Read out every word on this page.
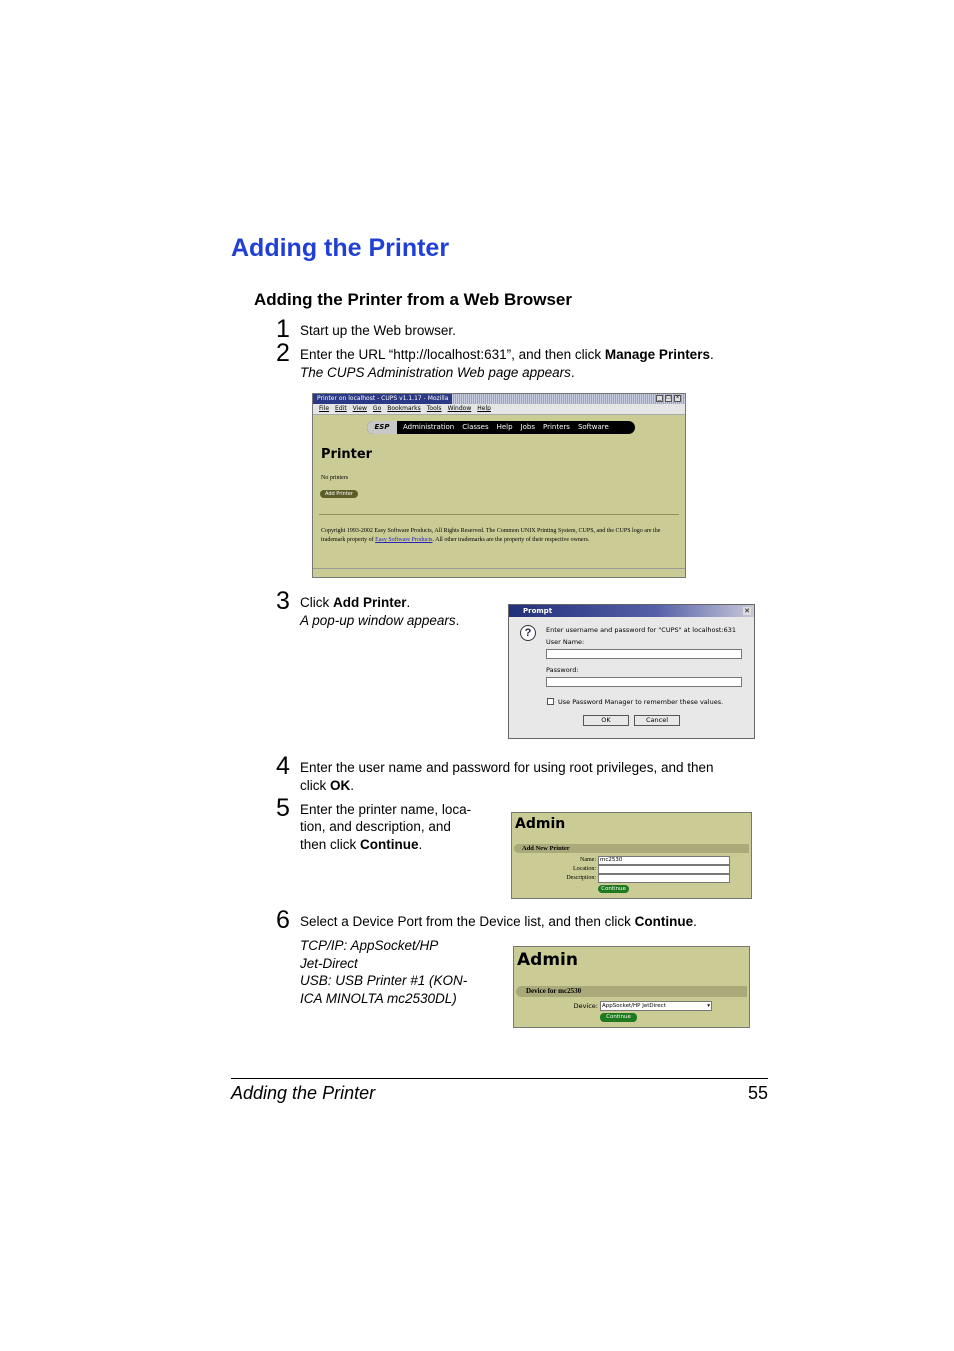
Adding the Printer
Adding the Printer from a Web Browser
1 Start up the Web browser.
2 Enter the URL “http://localhost:631”, and then click Manage Printers.
The CUPS Administration Web page appears.
Printer on localhost - CUPS v1.1.17 - Mozilla	_ □ ×
File Edit View Go Bookmarks Tools Window Help
ESP	Administration Classes Help Jobs Printers Software
Printer
No printers
Add Printer
Copyright 1993-2002 Easy Software Products, All Rights Reserved. The Common UNIX Printing System, CUPS, and the CUPS logo are the trademark property of Easy Software Products. All other trademarks are the property of their respective owners.
3 Click Add Printer.
A pop-up window appears.
Prompt	✕
?	Enter username and password for "CUPS" at localhost:631
User Name:
Password:
Use Password Manager to remember these values.
OK	Cancel
4 Enter the user name and password for using root privileges, and then
click OK.
5 Enter the printer name, loca-
tion, and description, and
then click Continue.
Admin
Add New Printer
Name: mc2530
Location:
Description:
Continue
6 Select a Device Port from the Device list, and then click Continue.
TCP/IP: AppSocket/HP
Jet-Direct
USB: USB Printer #1 (KON-
ICA MINOLTA mc2530DL)
Admin
Device for mc2530
Device: AppSocket/HP JetDirect	▾
Continue
Adding the Printer	55
